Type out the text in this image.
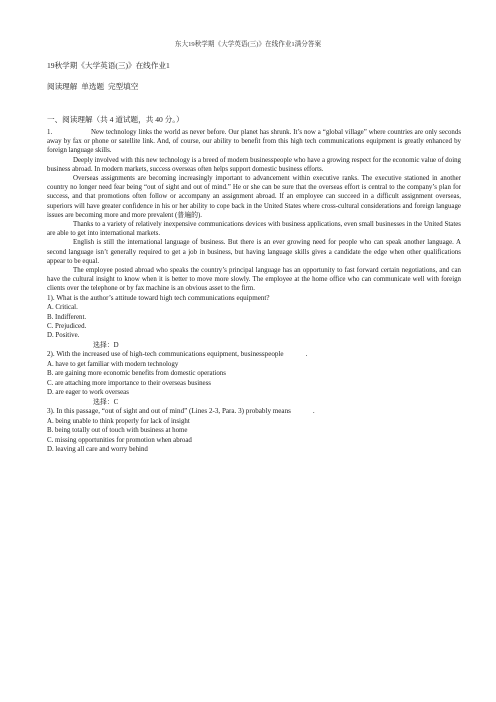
东大19秋学期《大学英语(三)》在线作业1满分答案

19秋学期《大学英语(三)》在线作业1

阅读理解 单选题 完型填空

一、阅读理解（共 4 道试题，共 40 分。）

1.	New technology links the world as never before. Our planet has shrunk. It’s now a “global village” where countries are only seconds away by fax or phone or satellite link. And, of course, our ability to benefit from this high tech communications equipment is greatly enhanced by foreign language skills.

Deeply involved with this new technology is a breed of modern businesspeople who have a growing respect for the economic value of doing business abroad. In modern markets, success overseas often helps support domestic business efforts.

Overseas assignments are becoming increasingly important to advancement within executive ranks. The executive stationed in another country no longer need fear being “out of sight and out of mind.” He or she can be sure that the overseas effort is central to the company’s plan for success, and that promotions often follow or accompany an assignment abroad. If an employee can succeed in a difficult assignment overseas, superiors will have greater confidence in his or her ability to cope back in the United States where cross-cultural considerations and foreign language issues are becoming more and more prevalent (普遍的).

Thanks to a variety of relatively inexpensive communications devices with business applications, even small businesses in the United States are able to get into international markets.

English is still the international language of business. But there is an ever growing need for people who can speak another language. A second language isn’t generally required to get a job in business, but having language skills gives a candidate the edge when other qualifications appear to be equal.

The employee posted abroad who speaks the country’s principal language has an opportunity to fast forward certain negotiations, and can have the cultural insight to know when it is better to move more slowly. The employee at the home office who can communicate well with foreign clients over the telephone or by fax machine is an obvious asset to the firm.

1). What is the author’s attitude toward high tech communications equipment?

A. Critical.

B. Indifferent.

C. Prejudiced.

D. Positive.

选择：D

2). With the increased use of high-tech communications equipment, businesspeople	.

A. have to get familiar with modern technology

B. are gaining more economic benefits from domestic operations

C. are attaching more importance to their overseas business

D. are eager to work overseas

选择：C

3). In this passage, “out of sight and out of mind” (Lines 2-3, Para. 3) probably means	.

A. being unable to think properly for lack of insight

B. being totally out of touch with business at home

C. missing opportunities for promotion when abroad

D. leaving all care and worry behind
